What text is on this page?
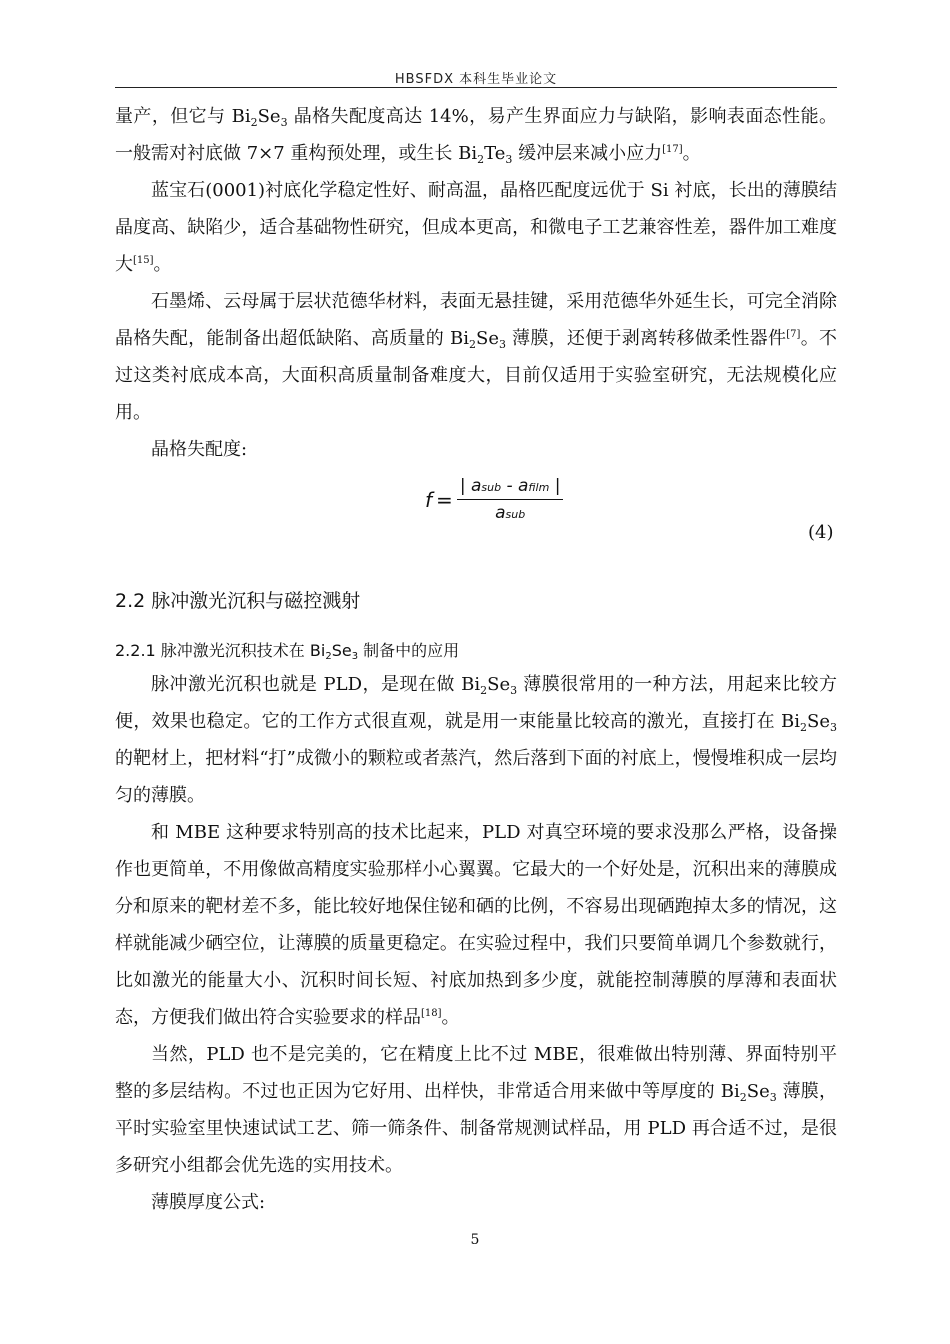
HBSFDX 本科生毕业论文

量产，但它与 $Bi_2Se_3$ 晶格失配度高达 14%，易产生界面应力与缺陷，影响表面态性能。一般需对衬底做 7×7 重构预处理，或生长 $Bi_2Te_3$ 缓冲层来减小应力[17]。

蓝宝石(0001)衬底化学稳定性好、耐高温，晶格匹配度远优于 Si 衬底，长出的薄膜结晶度高、缺陷少，适合基础物性研究，但成本更高，和微电子工艺兼容性差，器件加工难度大[15]。

石墨烯、云母属于层状范德华材料，表面无悬挂键，采用范德华外延生长，可完全消除晶格失配，能制备出超低缺陷、高质量的 $Bi_2Se_3$ 薄膜，还便于剥离转移做柔性器件[7]。不过这类衬底成本高，大面积高质量制备难度大，目前仅适用于实验室研究，无法规模化应用。

晶格失配度:

$f = \frac{\text{| asub - afilm |}}{\text{asub}}$
(4)
2.2 脉冲激光沉积与磁控溅射
2.2.1 脉冲激光沉积技术在 $Bi_2Se_3$ 制备中的应用

脉冲激光沉积也就是 PLD，是现在做 $Bi_2Se_3$ 薄膜很常用的一种方法，用起来比较方便，效果也稳定。它的工作方式很直观，就是用一束能量比较高的激光，直接打在 $Bi_2Se_3$ 的靶材上，把材料“打”成微小的颗粒或者蒸汽，然后落到下面的衬底上，慢慢堆积成一层均匀的薄膜。

和 MBE 这种要求特别高的技术比起来，PLD 对真空环境的要求没那么严格，设备操作也更简单，不用像做高精度实验那样小心翼翼。它最大的一个好处是，沉积出来的薄膜成分和原来的靶材差不多，能比较好地保住铋和硒的比例，不容易出现硒跑掉太多的情况，这样就能减少硒空位，让薄膜的质量更稳定。在实验过程中，我们只要简单调几个参数就行，比如激光的能量大小、沉积时间长短、衬底加热到多少度，就能控制薄膜的厚薄和表面状态，方便我们做出符合实验要求的样品[18]。

当然，PLD 也不是完美的，它在精度上比不过 MBE，很难做出特别薄、界面特别平整的多层结构。不过也正因为它好用、出样快，非常适合用来做中等厚度的 $Bi_2Se_3$ 薄膜，平时实验室里快速试试工艺、筛一筛条件、制备常规测试样品，用 PLD 再合适不过，是很多研究小组都会优先选的实用技术。

薄膜厚度公式:

5
